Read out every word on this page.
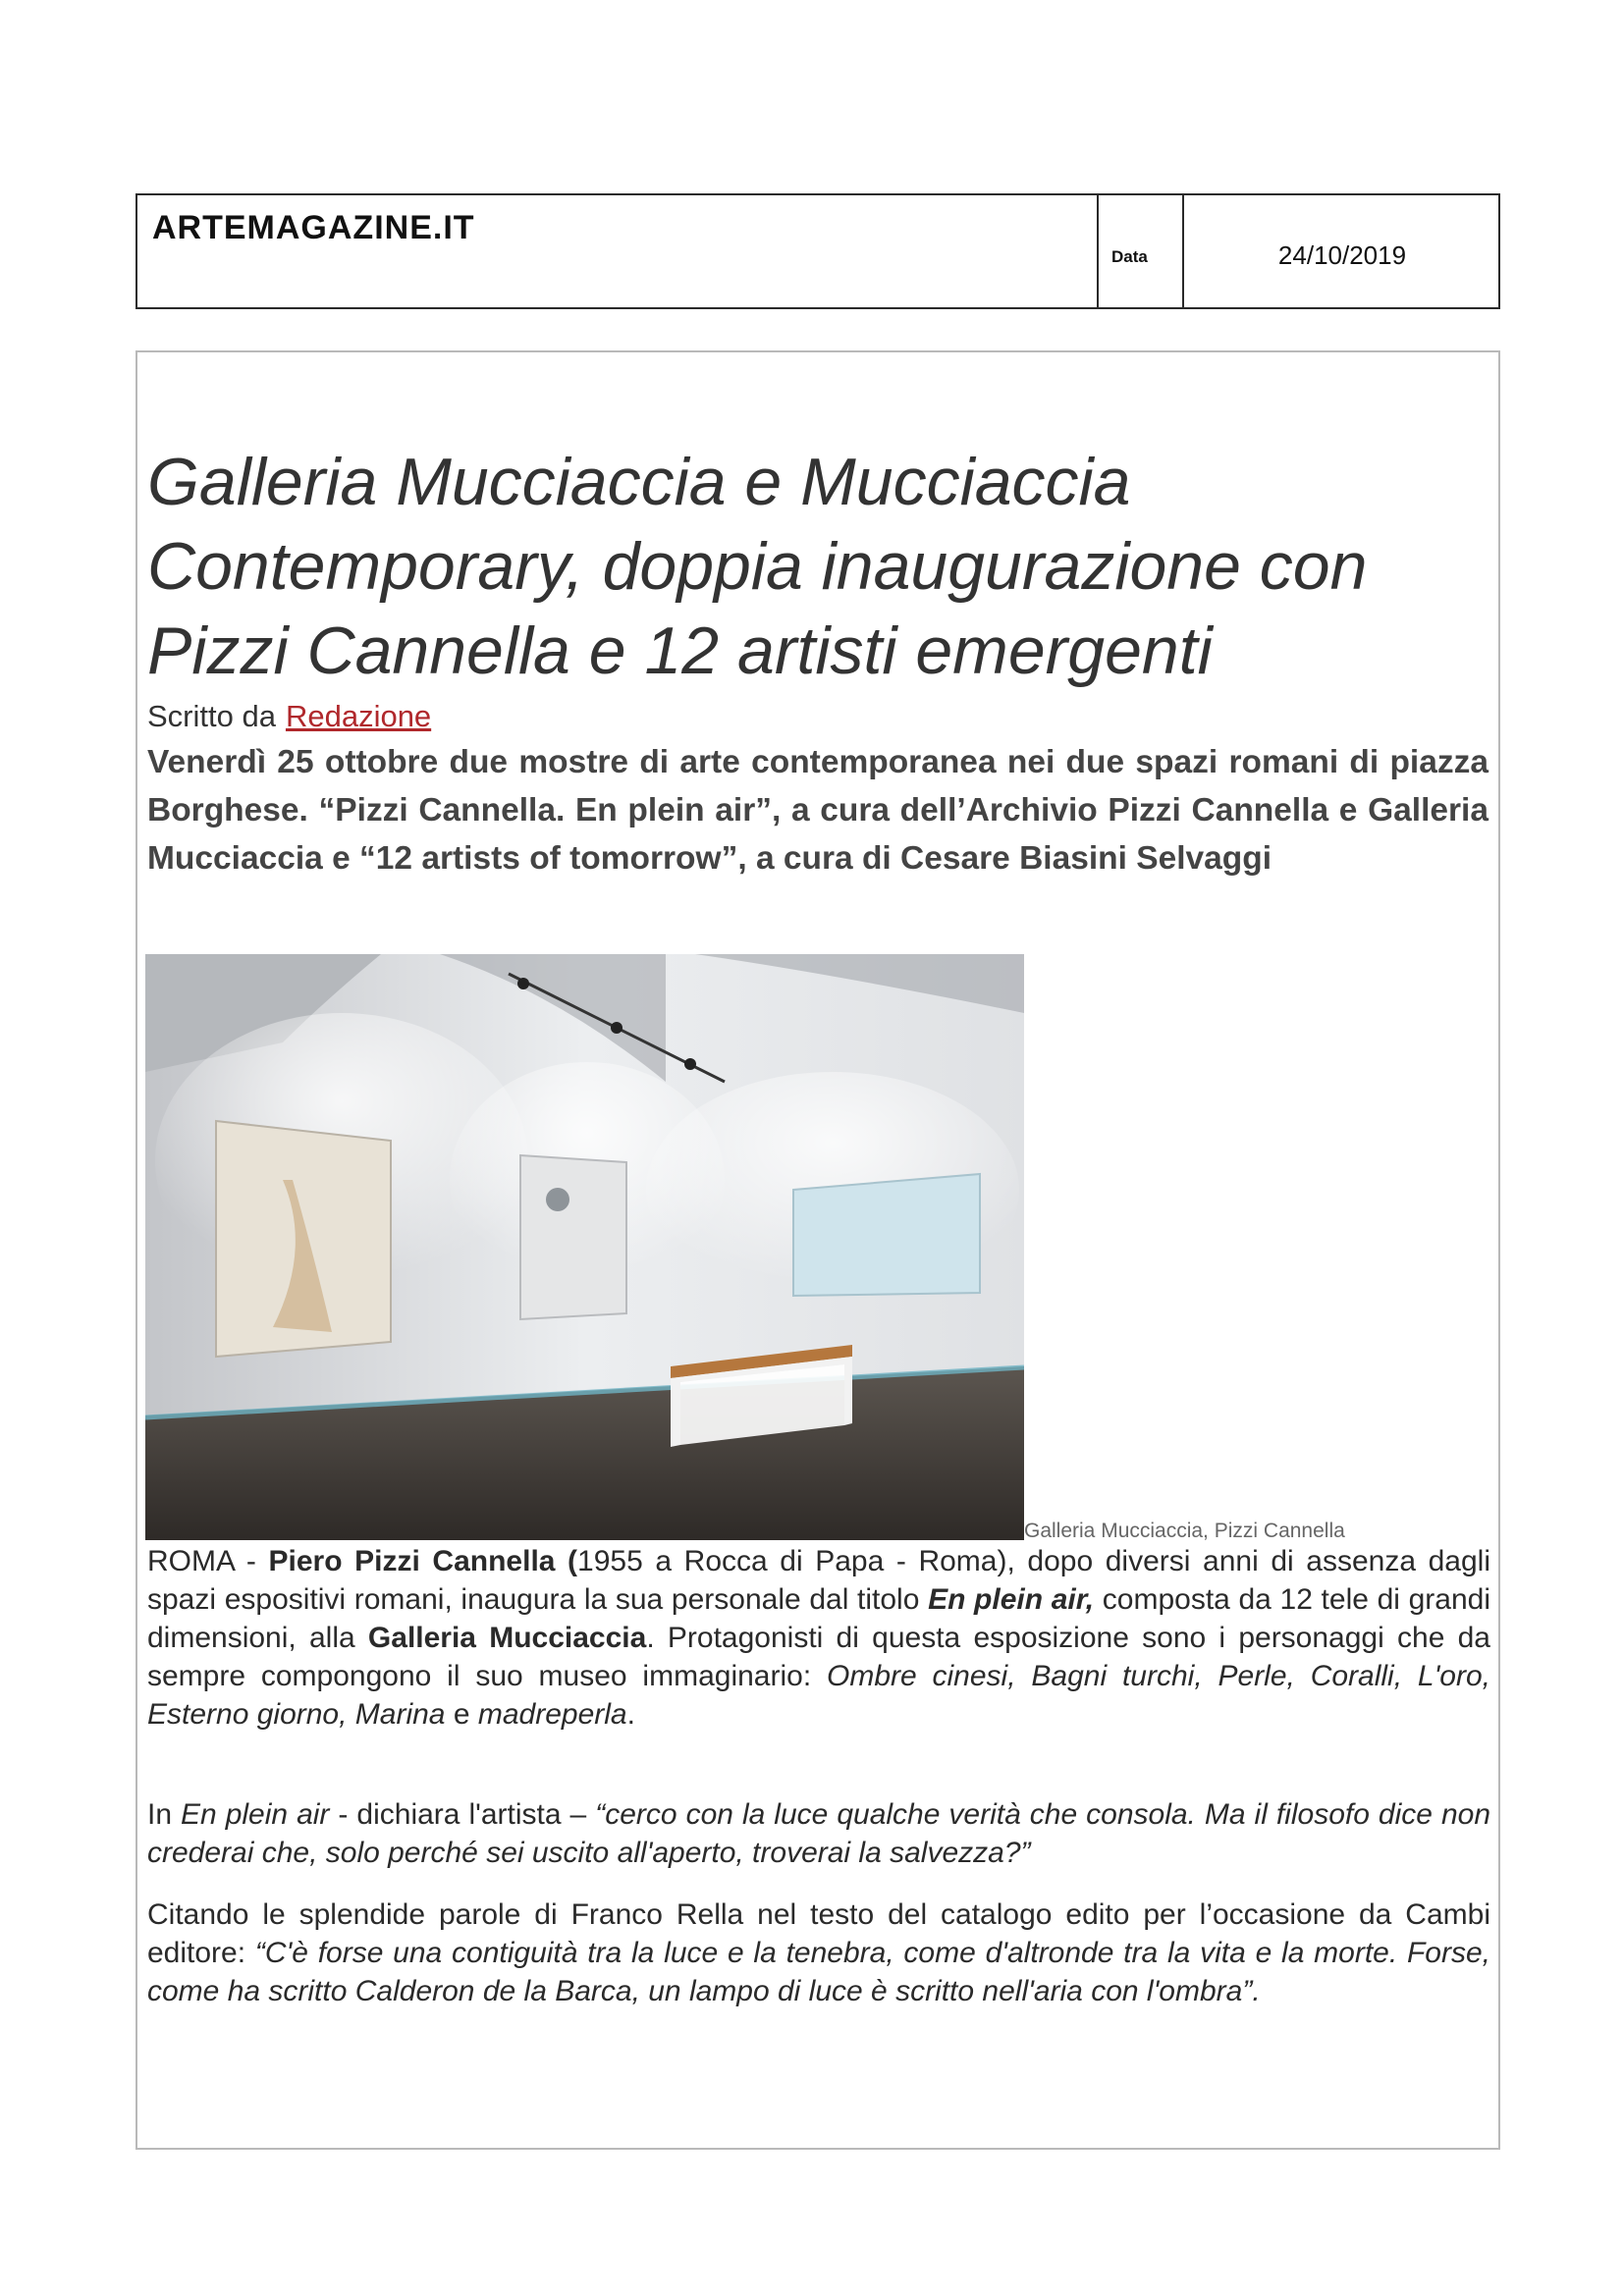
ARTEMAGAZINE.IT
Data	24/10/2019
Galleria Mucciaccia e Mucciaccia Contemporary, doppia inaugurazione con Pizzi Cannella e 12 artisti emergenti
Scritto da Redazione

Venerdì 25 ottobre due mostre di arte contemporanea nei due spazi romani di piazza Borghese. “Pizzi Cannella. En plein air”, a cura dell’Archivio Pizzi Cannella e Galleria Mucciaccia e “12 artists of tomorrow”, a cura di Cesare Biasini Selvaggi

Galleria Mucciaccia, Pizzi Cannella

ROMA - Piero Pizzi Cannella (1955 a Rocca di Papa - Roma), dopo diversi anni di assenza dagli spazi espositivi romani, inaugura la sua personale dal titolo En plein air, composta da 12 tele di grandi dimensioni, alla Galleria Mucciaccia. Protagonisti di questa esposizione sono i personaggi che da sempre compongono il suo museo immaginario: Ombre cinesi, Bagni turchi, Perle, Coralli, L'oro, Esterno giorno, Marina e madreperla.

In En plein air - dichiara l'artista – “cerco con la luce qualche verità che consola. Ma il filosofo dice non crederai che, solo perché sei uscito all'aperto, troverai la salvezza?”

Citando le splendide parole di Franco Rella nel testo del catalogo edito per l’occasione da Cambi editore: “C'è forse una contiguità tra la luce e la tenebra, come d'altronde tra la vita e la morte. Forse, come ha scritto Calderon de la Barca, un lampo di luce è scritto nell'aria con l'ombra”.
